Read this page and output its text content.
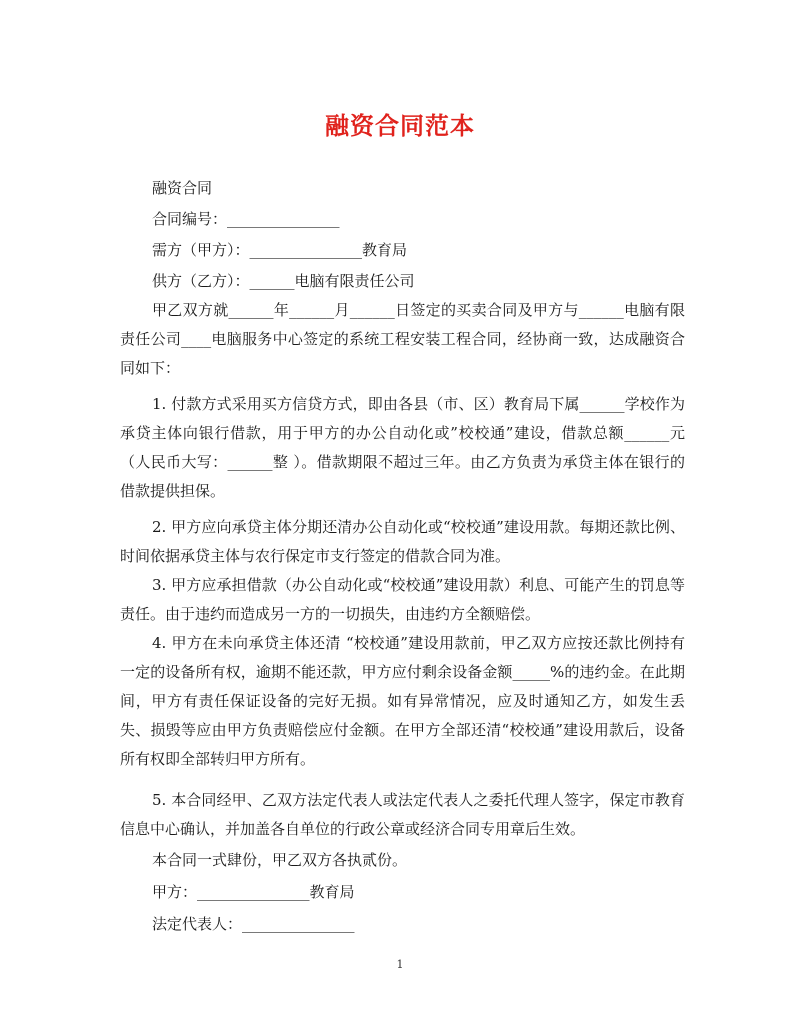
融资合同范本
融资合同
合同编号：_______________
需方（甲方）：_______________教育局
供方（乙方）：______电脑有限责任公司
甲乙双方就______年______月______日签定的买卖合同及甲方与______电脑有限责任公司____电脑服务中心签定的系统工程安装工程合同，经协商一致，达成融资合同如下：
1. 付款方式采用买方信贷方式，即由各县（市、区）教育局下属______学校作为承贷主体向银行借款，用于甲方的办公自动化或”校校通”建设，借款总额______元（人民币大写：______整 ）。借款期限不超过三年。由乙方负责为承贷主体在银行的借款提供担保。
2. 甲方应向承贷主体分期还清办公自动化或“校校通”建设用款。每期还款比例、时间依据承贷主体与农行保定市支行签定的借款合同为准。
3. 甲方应承担借款（办公自动化或“校校通”建设用款）利息、可能产生的罚息等责任。由于违约而造成另一方的一切损失，由违约方全额赔偿。
4. 甲方在未向承贷主体还清 “校校通”建设用款前，甲乙双方应按还款比例持有一定的设备所有权，逾期不能还款，甲方应付剩余设备金额_____%的违约金。在此期间，甲方有责任保证设备的完好无损。如有异常情况，应及时通知乙方，如发生丢失、损毁等应由甲方负责赔偿应付金额。在甲方全部还清“校校通”建设用款后，设备所有权即全部转归甲方所有。
5. 本合同经甲、乙双方法定代表人或法定代表人之委托代理人签字，保定市教育信息中心确认，并加盖各自单位的行政公章或经济合同专用章后生效。
本合同一式肆份，甲乙双方各执贰份。
甲方：_______________教育局
法定代表人：_______________
1
